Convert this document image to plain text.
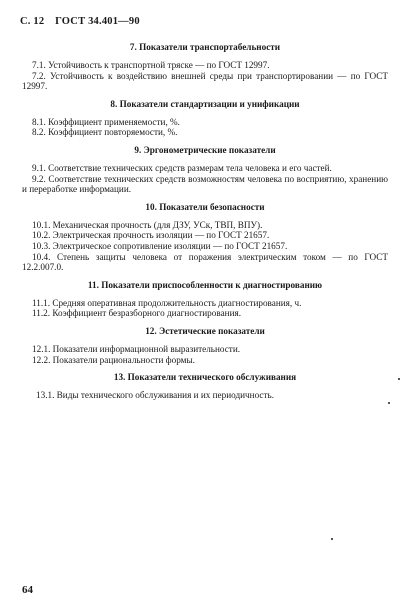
С. 12 ГОСТ 34.401—90
7. Показатели транспортабельности
7.1. Устойчивость к транспортной тряске — по ГОСТ 12997.
7.2. Устойчивость к воздействию внешней среды при транспортировании — по ГОСТ 12997.
8. Показатели стандартизации и унификации
8.1. Коэффициент применяемости, %.
8.2. Коэффициент повторяемости, %.
9. Эргонометрические показатели
9.1. Соответствие технических средств размерам тела человека и его частей.
9.2. Соответствие технических средств возможностям человека по восприятию, хранению и переработке информации.
10. Показатели безопасности
10.1. Механическая прочность (для ДЗУ, УСк, ТВП, ВПУ).
10.2. Электрическая прочность изоляции — по ГОСТ 21657.
10.3. Электрическое сопротивление изоляции — по ГОСТ 21657.
10.4. Степень защиты человека от поражения электрическим током — по ГОСТ 12.2.007.0.
11. Показатели приспособленности к диагностированию
11.1. Средняя оперативная продолжительность диагностирования, ч.
11.2. Коэффициент безразборного диагностирования.
12. Эстетические показатели
12.1. Показатели информационной выразительности.
12.2. Показатели рациональности формы.
13. Показатели технического обслуживания
13.1. Виды технического обслуживания и их периодичность.
64
